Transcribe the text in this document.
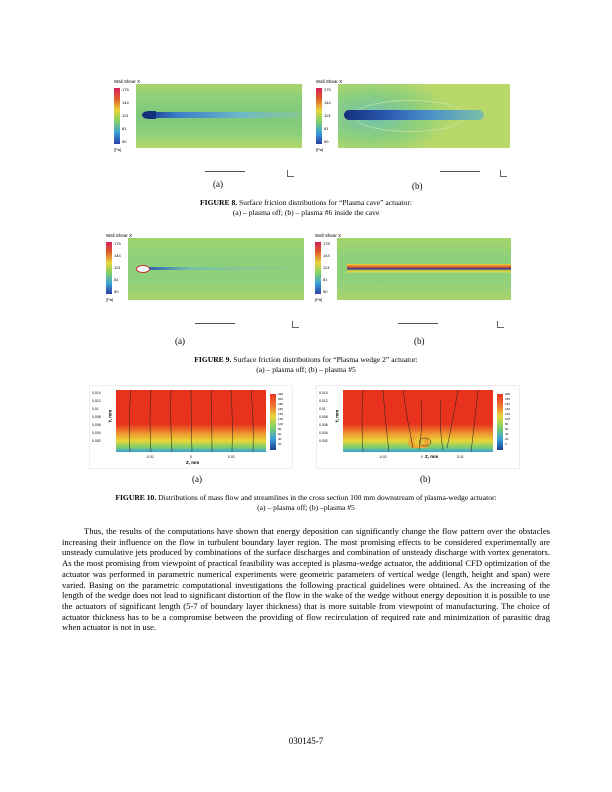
Wall Shear X
175
144
113
81
50
[Pa]
Wall Shear X
175
144
113
81
50
[Pa]
(a)	(b)
FIGURE 8. Surface friction distributions for “Plasma cave” actuator:
(a) – plasma off; (b) – plasma #6 inside the cave
Wall Shear X
175
144
113
81
50
[Pa]
Wall Shear X
175
144
113
81
50
[Pa]
(a)	(b)
FIGURE 9. Surface friction distributions for “Plasma wedge 2” actuator:
(a) – plasma off; (b) – plasma #5
0.014
0.012
0.01
0.008
0.006
0.004
0.002
Y, mm
-0.01	0	0.01
Z, mm
220
200
180
160
140
120
100
80
60
40
20
0.014
0.012
0.01
0.008
0.006
0.004
0.002
Y, mm
-0.01	0	0.01
Z, mm
200
180
160
140
120
100
80
60
40
20
0
(a)	(b)
FIGURE 10. Distributions of mass flow and streamlines in the cross section 100 mm downstream of plasma-wedge actuator:
(a) – plasma off; (b) –plasma #5

Thus, the results of the computations have shown that energy deposition can significantly change the flow pattern over the obstacles increasing their influence on the flow in turbulent boundary layer region. The most promising effects to be considered experimentally are unsteady cumulative jets produced by combinations of the surface discharges and combination of unsteady discharge with vortex generators. As the most promising from viewpoint of practical feasibility was accepted is plasma-wedge actuator, the additional CFD optimization of the actuator was performed in parametric numerical experiments were geometric parameters of vertical wedge (length, height and span) were varied. Basing on the parametric computational investigations the following practical guidelines were obtained. As the increasing of the length of the wedge does not lead to significant distortion of the flow in the wake of the wedge without energy deposition it is possible to use the actuators of significant length (5-7 of boundary layer thickness) that is more suitable from viewpoint of manufacturing. The choice of actuator thickness has to be a compromise between the providing of flow recirculation of required rate and minimization of parasitic drag when actuator is not in use.

030145-7
